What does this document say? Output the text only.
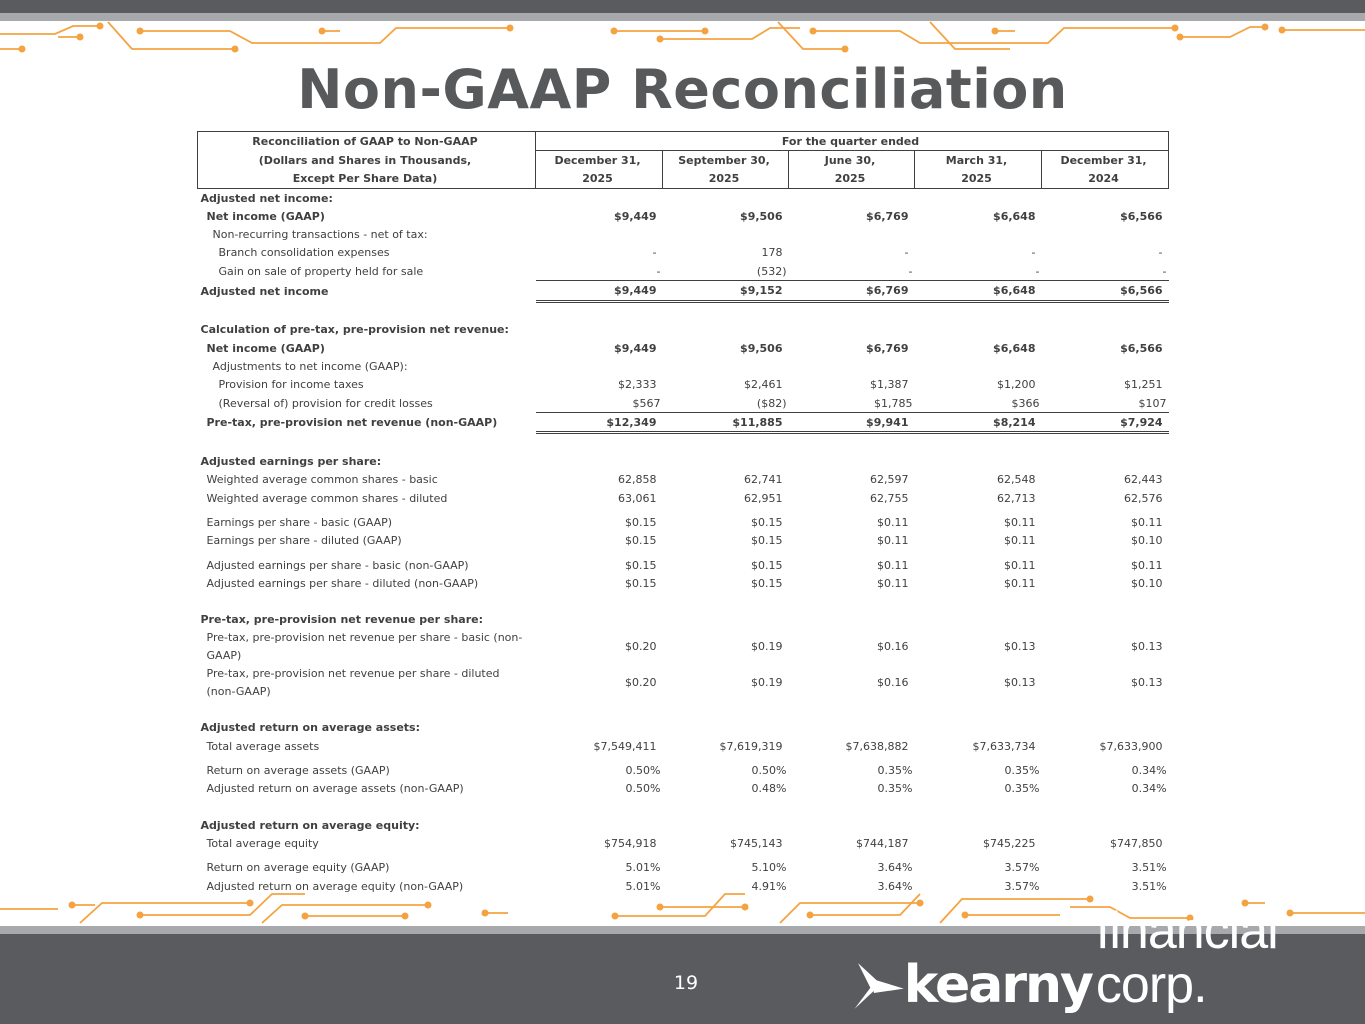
Non-GAAP Reconciliation
Reconciliation of GAAP to Non-GAAP	For the quarter ended				
(Dollars and Shares in Thousands,	December 31,	September 30,	June 30,	March 31,	December 31,
Except Per Share Data)	2025	2025	2025	2025	2024
Adjusted net income:					
Net income (GAAP)	$9,449	$9,506	$6,769	$6,648	$6,566
Non-recurring transactions - net of tax:					
Branch consolidation expenses	-	178	-	-	-
Gain on sale of property held for sale	-	(532)	-	-	-
Adjusted net income	$9,449	$9,152	$6,769	$6,648	$6,566

Calculation of pre-tax, pre-provision net revenue:					
Net income (GAAP)	$9,449	$9,506	$6,769	$6,648	$6,566
Adjustments to net income (GAAP):					
Provision for income taxes	$2,333	$2,461	$1,387	$1,200	$1,251
(Reversal of) provision for credit losses	$567	($82)	$1,785	$366	$107
Pre-tax, pre-provision net revenue (non-GAAP)	$12,349	$11,885	$9,941	$8,214	$7,924

Adjusted earnings per share:					
Weighted average common shares - basic	62,858	62,741	62,597	62,548	62,443
Weighted average common shares - diluted	63,061	62,951	62,755	62,713	62,576

Earnings per share - basic (GAAP)	$0.15	$0.15	$0.11	$0.11	$0.11
Earnings per share - diluted (GAAP)	$0.15	$0.15	$0.11	$0.11	$0.10

Adjusted earnings per share - basic (non-GAAP)	$0.15	$0.15	$0.11	$0.11	$0.11
Adjusted earnings per share - diluted (non-GAAP)	$0.15	$0.15	$0.11	$0.11	$0.10

Pre-tax, pre-provision net revenue per share:					
Pre-tax, pre-provision net revenue per share - basic (non-GAAP)	$0.20	$0.19	$0.16	$0.13	$0.13
Pre-tax, pre-provision net revenue per share - diluted (non-GAAP)	$0.20	$0.19	$0.16	$0.13	$0.13

Adjusted return on average assets:					
Total average assets	$7,549,411	$7,619,319	$7,638,882	$7,633,734	$7,633,900

Return on average assets (GAAP)	0.50%	0.50%	0.35%	0.35%	0.34%
Adjusted return on average assets (non-GAAP)	0.50%	0.48%	0.35%	0.35%	0.34%

Adjusted return on average equity:					
Total average equity	$754,918	$745,143	$744,187	$745,225	$747,850

Return on average equity (GAAP)	5.01%	5.10%	3.64%	3.57%	3.51%
Adjusted return on average equity (non-GAAP)	5.01%	4.91%	3.64%	3.57%	3.51%
19	kearny
financial corp.
